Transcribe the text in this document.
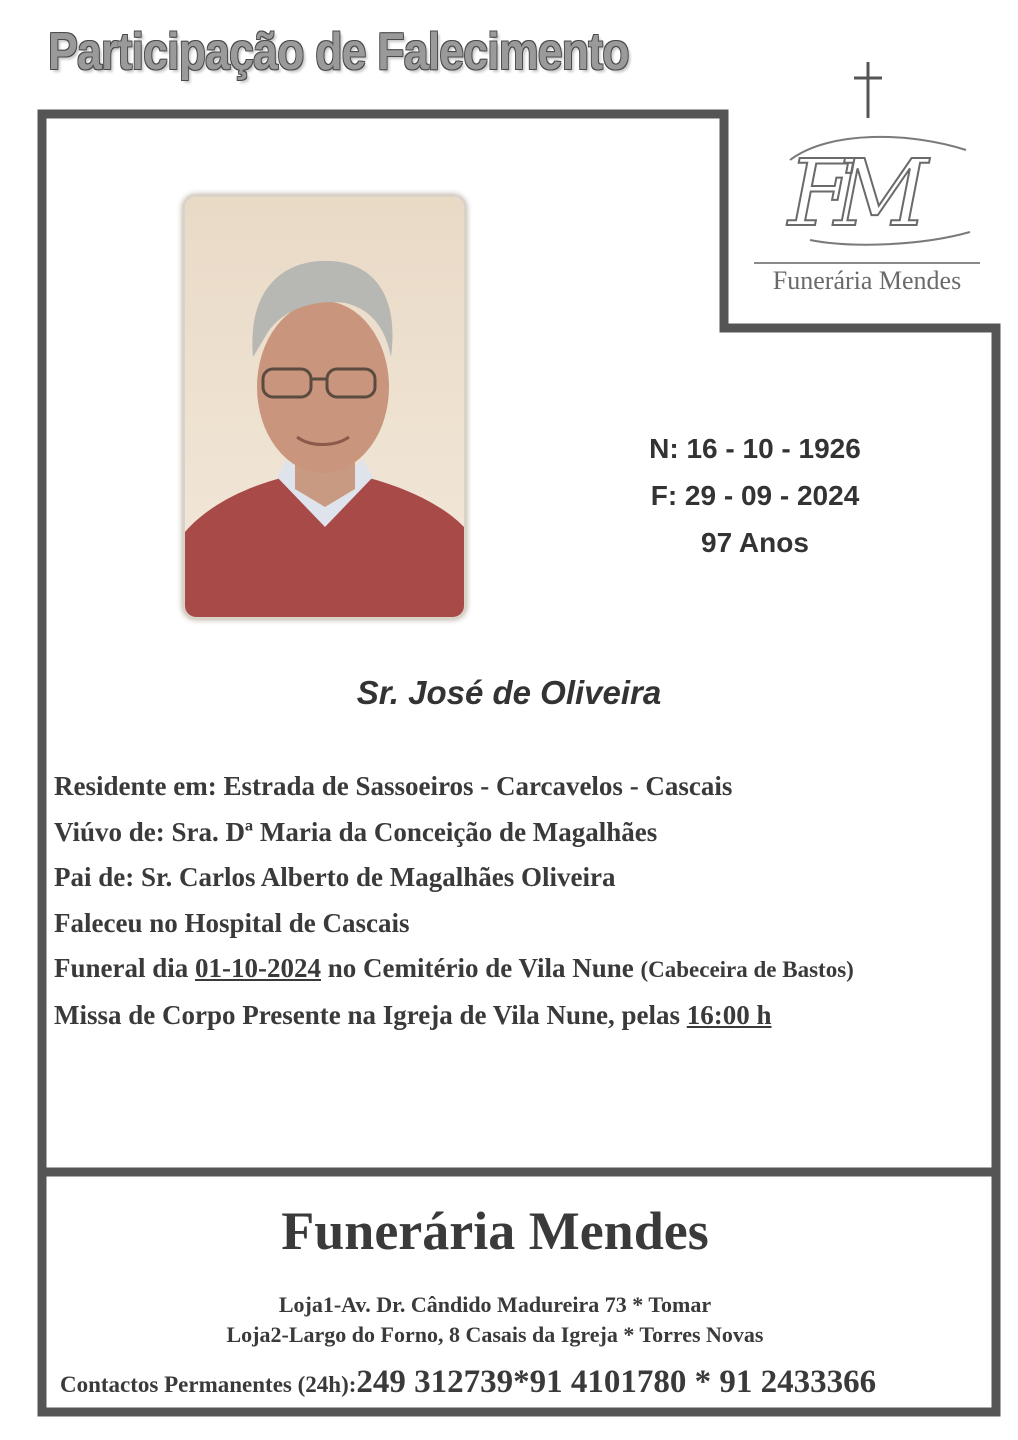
Participação de Falecimento
FM
Funerária Mendes
N: 16 - 10 - 1926
F: 29 - 09 - 2024
97 Anos
Sr. José de Oliveira
Residente em: Estrada de Sassoeiros - Carcavelos - Cascais
Viúvo de: Sra. Dª Maria da Conceição de Magalhães
Pai de: Sr. Carlos Alberto de Magalhães Oliveira
Faleceu no Hospital de Cascais
Funeral dia 01-10-2024 no Cemitério de Vila Nune (Cabeceira de Bastos)
Missa de Corpo Presente na Igreja de Vila Nune, pelas 16:00 h
Funerária Mendes
Loja1-Av. Dr. Cândido Madureira 73 * Tomar
Loja2-Largo do Forno, 8 Casais da Igreja * Torres Novas
Contactos Permanentes (24h):249 312739*91 4101780 * 91 2433366
